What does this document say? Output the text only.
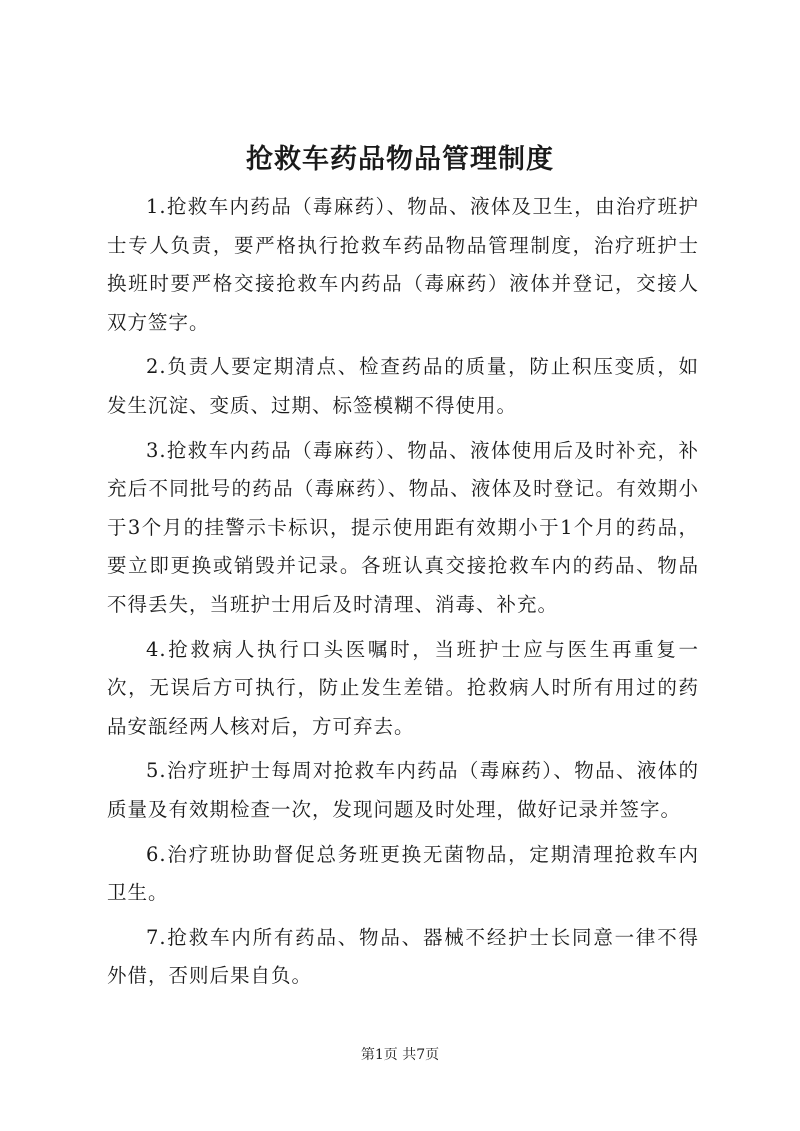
抢救车药品物品管理制度

1.抢救车内药品（毒麻药）、物品、液体及卫生，由治疗班护士专人负责，要严格执行抢救车药品物品管理制度，治疗班护士换班时要严格交接抢救车内药品（毒麻药）液体并登记，交接人双方签字。

2.负责人要定期清点、检查药品的质量，防止积压变质，如发生沉淀、变质、过期、标签模糊不得使用。

3.抢救车内药品（毒麻药）、物品、液体使用后及时补充，补充后不同批号的药品（毒麻药）、物品、液体及时登记。有效期小于3个月的挂警示卡标识，提示使用距有效期小于1个月的药品，要立即更换或销毁并记录。各班认真交接抢救车内的药品、物品不得丢失，当班护士用后及时清理、消毒、补充。

4.抢救病人执行口头医嘱时，当班护士应与医生再重复一次，无误后方可执行，防止发生差错。抢救病人时所有用过的药品安瓿经两人核对后，方可弃去。

5.治疗班护士每周对抢救车内药品（毒麻药）、物品、液体的质量及有效期检查一次，发现问题及时处理，做好记录并签字。

6.治疗班协助督促总务班更换无菌物品，定期清理抢救车内卫生。

7.抢救车内所有药品、物品、器械不经护士长同意一律不得外借，否则后果自负。

第1页 共7页
